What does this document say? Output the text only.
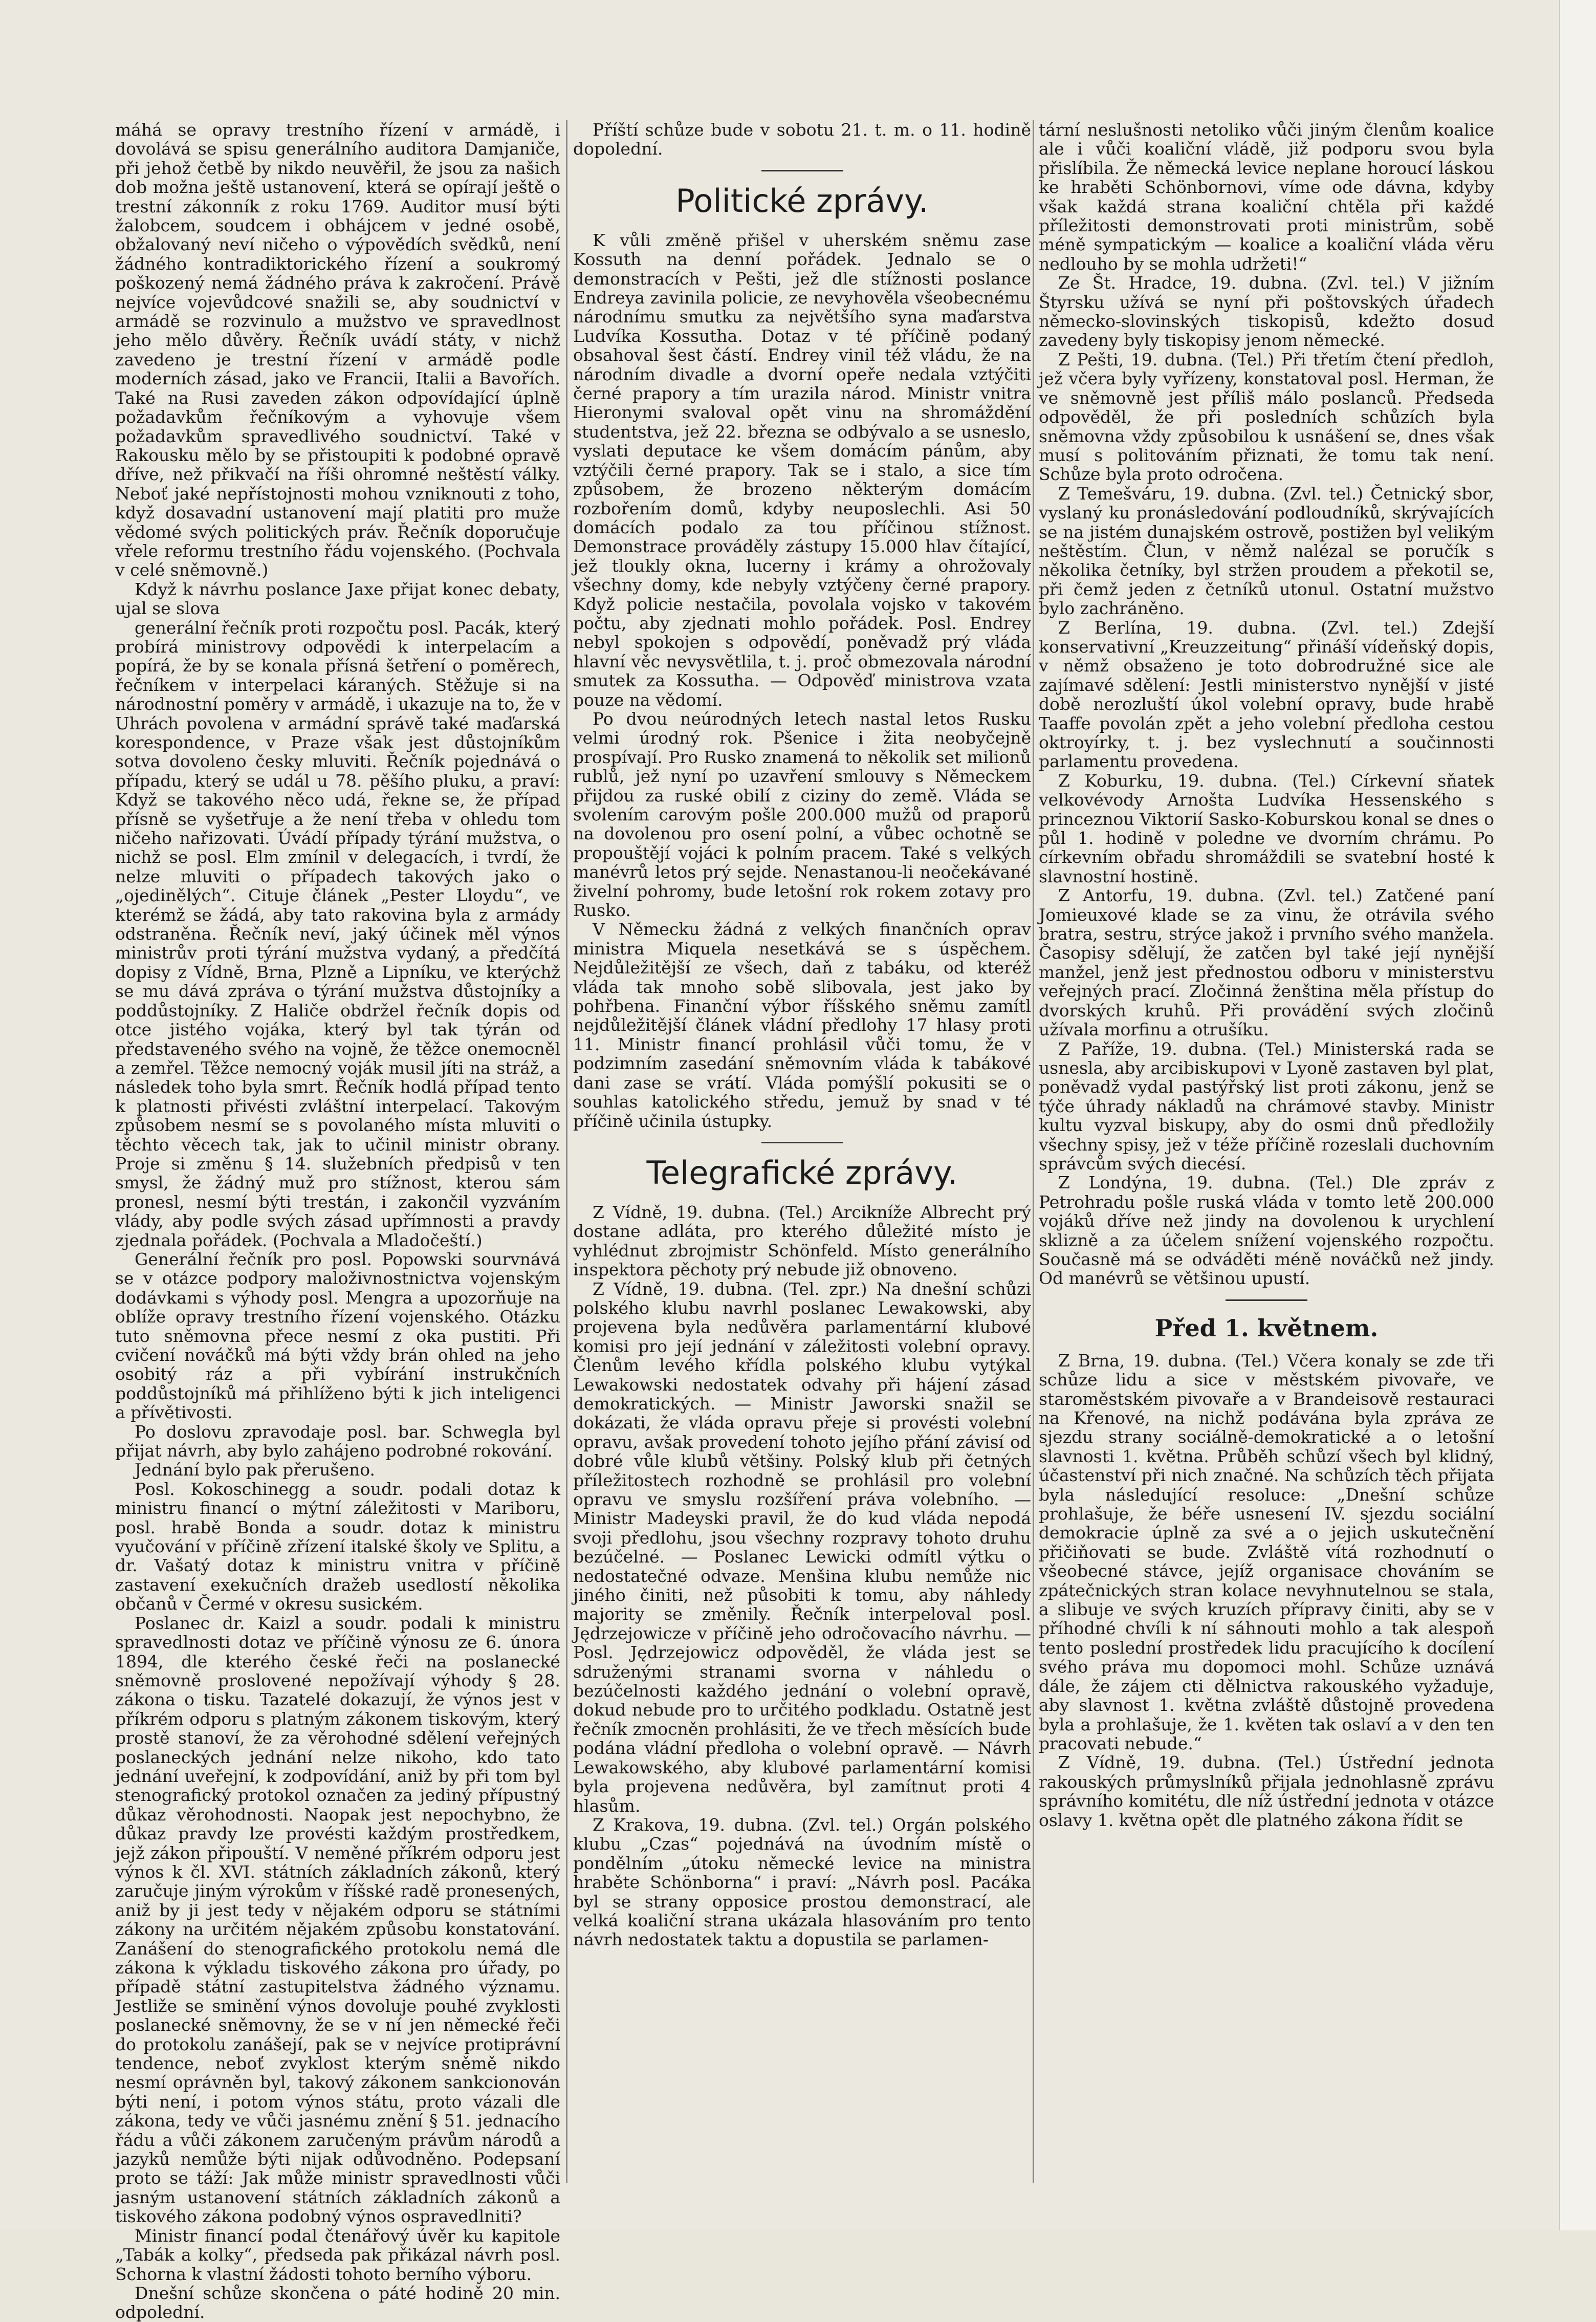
máhá se opravy trestního řízení v armádě, i dovolává se spisu generálního auditora Damjaniče, při jehož četbě by nikdo neuvěřil, že jsou za našich dob možna ještě ustanovení, která se opírají ještě o trestní zákonník z roku 1769. Auditor musí býti žalobcem, soudcem i obhájcem v jedné osobě, obžalovaný neví ničeho o výpovědích svědků, není žádného kontradiktorického řízení a soukromý poškozený nemá žádného práva k zakročení. Právě nejvíce vojevůdcové snažili se, aby soudnictví v armádě se rozvinulo a mužstvo ve spravedlnost jeho mělo důvěry. Řečník uvádí státy, v nichž zavedeno je trestní řízení v armádě podle moderních zásad, jako ve Francii, Italii a Bavořích. Také na Rusi zaveden zákon odpovídající úplně požadavkům řečníkovým a vyhovuje všem požadavkům spravedlivého soudnictví. Také v Rakousku mělo by se přistoupiti k podobné opravě dříve, než přikvačí na říši ohromné neštěstí války. Neboť jaké nepřístojnosti mohou vzniknouti z toho, když dosavadní ustanovení mají platiti pro muže vědomé svých politických práv. Řečník doporučuje vřele reformu trestního řádu vojenského. (Pochvala v celé sněmovně.)

Když k návrhu poslance Jaxe přijat konec debaty, ujal se slova

generální řečník proti rozpočtu posl. Pacák, který probírá ministrovy odpovědi k interpelacím a popírá, že by se konala přísná šetření o poměrech, řečníkem v interpelaci káraných. Stěžuje si na národnostní poměry v armádě, i ukazuje na to, že v Uhrách povolena v armádní správě také maďarská korespondence, v Praze však jest důstojníkům sotva dovoleno česky mluviti. Řečník pojednává o případu, který se udál u 78. pěšího pluku, a praví: Když se takového něco udá, řekne se, že případ přísně se vyšetřuje a že není třeba v ohledu tom ničeho nařizovati. Úvádí případy týrání mužstva, o nichž se posl. Elm zmínil v delegacích, i tvrdí, že nelze mluviti o případech takových jako o „ojedinělých“. Cituje článek „Pester Lloydu“, ve kterémž se žádá, aby tato rakovina byla z armády odstraněna. Řečník neví, jaký účinek měl výnos ministrův proti týrání mužstva vydaný, a předčítá dopisy z Vídně, Brna, Plzně a Lipníku, ve kterýchž se mu dává zpráva o týrání mužstva důstojníky a poddůstojníky. Z Haliče obdržel řečník dopis od otce jistého vojáka, který byl tak týrán od představeného svého na vojně, že těžce onemocněl a zemřel. Těžce nemocný voják musil jíti na stráž, a následek toho byla smrt. Řečník hodlá případ tento k platnosti přivésti zvláštní interpelací. Takovým způsobem nesmí se s povolaného místa mluviti o těchto věcech tak, jak to učinil ministr obrany. Proje si změnu § 14. služebních předpisů v ten smysl, že žádný muž pro stížnost, kterou sám pronesl, nesmí býti trestán, i zakončil vyzváním vlády, aby podle svých zásad upřímnosti a pravdy zjednala pořádek. (Pochvala a Mladočeští.)

Generální řečník pro posl. Popowski sourvnává se v otázce podpory maloživnostnictva vojenským dodávkami s výhody posl. Mengra a upozorňuje na oblíže opravy trestního řízení vojenského. Otázku tuto sněmovna přece nesmí z oka pustiti. Při cvičení nováčků má býti vždy brán ohled na jeho osobitý ráz a při vybírání instrukčních poddůstojníků má přihlíženo býti k jich inteligenci a přívětivosti.

Po doslovu zpravodaje posl. bar. Schwegla byl přijat návrh, aby bylo zahájeno podrobné rokování.

Jednání bylo pak přerušeno.

Posl. Kokoschinegg a soudr. podali dotaz k ministru financí o mýtní záležitosti v Mariboru, posl. hrabě Bonda a soudr. dotaz k ministru vyučování v příčině zřízení italské školy ve Splitu, a dr. Vašatý dotaz k ministru vnitra v příčině zastavení exekučních dražeb usedlostí několika občanů v Čermé v okresu susickém.

Poslanec dr. Kaizl a soudr. podali k ministru spravedlnosti dotaz ve příčině výnosu ze 6. února 1894, dle kterého české řeči na poslanecké sněmovně proslovené nepožívají výhody § 28. zákona o tisku. Tazatelé dokazují, že výnos jest v příkrém odporu s platným zákonem tiskovým, který prostě stanoví, že za věrohodné sdělení veřejných poslaneckých jednání nelze nikoho, kdo tato jednání uveřejní, k zodpovídání, aniž by při tom byl stenografický protokol označen za jediný přípustný důkaz věrohodnosti. Naopak jest nepochybno, že důkaz pravdy lze provésti každým prostředkem, jejž zákon připouští. V neměné příkrém odporu jest výnos k čl. XVI. státních základních zákonů, který zaručuje jiným výrokům v říšské radě pronesených, aniž by ji jest tedy v nějakém odporu se státními zákony na určitém nějakém způsobu konstatování. Zanášení do stenografického protokolu nemá dle zákona k výkladu tiskového zákona pro úřady, po případě státní zastupitelstva žádného významu. Jestliže se sminění výnos dovoluje pouhé zvyklosti poslanecké sněmovny, že se v ní jen německé řeči do protokolu zanášejí, pak se v nejvíce protiprávní tendence, neboť zvyklost kterým sněmě nikdo nesmí oprávněn byl, takový zákonem sankcionován býti není, i potom výnos státu, proto vázali dle zákona, tedy ve vůči jasnému znění § 51. jednacího řádu a vůči zákonem zaručeným právům národů a jazyků nemůže býti nijak odůvodněno. Podepsaní proto se táží: Jak může ministr spravedlnosti vůči jasným ustanovení státních základních zákonů a tiskového zákona podobný výnos ospravedlniti?

Ministr financí podal čtenářový úvěr ku kapitole „Tabák a kolky“, předseda pak přikázal návrh posl. Schorna k vlastní žádosti tohoto berního výboru.

Dnešní schůze skončena o páté hodině 20 min. odpolední.

Příští schůze bude v sobotu 21. t. m. o 11. hodině dopolední.

Politické zprávy.

K vůli změně přišel v uherském sněmu zase Kossuth na denní pořádek. Jednalo se o demonstracích v Pešti, jež dle stížnosti poslance Endreya zavinila policie, ze nevyhověla všeobecnému národnímu smutku za největšího syna maďarstva Ludvíka Kossutha. Dotaz v té příčině podaný obsahoval šest částí. Endrey vinil též vládu, že na národním divadle a dvorní opeře nedala vztýčiti černé prapory a tím urazila národ. Ministr vnitra Hieronymi svaloval opět vinu na shromáždění studentstva, jež 22. března se odbývalo a se usneslo, vyslati deputace ke všem domácím pánům, aby vztýčili černé prapory. Tak se i stalo, a sice tím způsobem, že brozeno některým domácím rozbořením domů, kdyby neuposlechli. Asi 50 domácích podalo za tou příčinou stížnost. Demonstrace prováděly zástupy 15.000 hlav čítající, jež tloukly okna, lucerny i krámy a ohrožovaly všechny domy, kde nebyly vztýčeny černé prapory. Když policie nestačila, povolala vojsko v takovém počtu, aby zjednati mohlo pořádek. Posl. Endrey nebyl spokojen s odpovědí, poněvadž prý vláda hlavní věc nevysvětlila, t. j. proč obmezovala národní smutek za Kossutha. — Odpověď ministrova vzata pouze na vědomí.

Po dvou neúrodných letech nastal letos Rusku velmi úrodný rok. Pšenice i žita neobyčejně prospívají. Pro Rusko znamená to několik set milionů rublů, jež nyní po uzavření smlouvy s Německem přijdou za ruské obilí z ciziny do země. Vláda se svolením carovým pošle 200.000 mužů od praporů na dovolenou pro osení polní, a vůbec ochotně se propouštějí vojáci k polním pracem. Také s velkých manévrů letos prý sejde. Nenastanou-li neočekávané živelní pohromy, bude letošní rok rokem zotavy pro Rusko.

V Německu žádná z velkých finančních oprav ministra Miquela nesetkává se s úspěchem. Nejdůležitější ze všech, daň z tabáku, od kteréž vláda tak mnoho sobě slibovala, jest jako by pohřbena. Finanční výbor říšského sněmu zamítl nejdůležitější článek vládní předlohy 17 hlasy proti 11. Ministr financí prohlásil vůči tomu, že v podzimním zasedání sněmovním vláda k tabákové dani zase se vrátí. Vláda pomýšlí pokusiti se o souhlas katolického středu, jemuž by snad v té příčině učinila ústupky.

Telegrafické zprávy.

Z Vídně, 19. dubna. (Tel.) Arcikníže Albrecht prý dostane adláta, pro kterého důležité místo je vyhlédnut zbrojmistr Schönfeld. Místo generálního inspektora pěchoty prý nebude již obnoveno.

Z Vídně, 19. dubna. (Tel. zpr.) Na dnešní schůzi polského klubu navrhl poslanec Lewakowski, aby projevena byla nedůvěra parlamentární klubové komisi pro její jednání v záležitosti volební opravy. Členům levého křídla polského klubu vytýkal Lewakowski nedostatek odvahy při hájení zásad demokratických. — Ministr Jaworski snažil se dokázati, že vláda opravu přeje si provésti volební opravu, avšak provedení tohoto jejího přání závisí od dobré vůle klubů většiny. Polský klub při četných příležitostech rozhodně se prohlásil pro volební opravu ve smyslu rozšíření práva volebního. — Ministr Madeyski pravil, že do kud vláda nepodá svoji předlohu, jsou všechny rozpravy tohoto druhu bezúčelné. — Poslanec Lewicki odmítl výtku o nedostatečné odvaze. Menšina klubu nemůže nic jiného činiti, než působiti k tomu, aby náhledy majority se změnily. Řečník interpeloval posl. Jędrzejowicze v příčině jeho odročovacího návrhu. — Posl. Jędrzejowicz odpověděl, že vláda jest se sdruženými stranami svorna v náhledu o bezúčelnosti každého jednání o volební opravě, dokud nebude pro to určitého podkladu. Ostatně jest řečník zmocněn prohlásiti, že ve třech měsících bude podána vládní předloha o volební opravě. — Návrh Lewakowského, aby klubové parlamentární komisi byla projevena nedůvěra, byl zamítnut proti 4 hlasům.

Z Krakova, 19. dubna. (Zvl. tel.) Orgán polského klubu „Czas“ pojednává na úvodním místě o pondělním „útoku německé levice na ministra hraběte Schönborna“ i praví: „Návrh posl. Pacáka byl se strany opposice prostou demonstrací, ale velká koaliční strana ukázala hlasováním pro tento návrh nedostatek taktu a dopustila se parlamen-

tární neslušnosti netoliko vůči jiným členům koalice ale i vůči koaliční vládě, již podporu svou byla přislíbila. Že německá levice neplane horoucí láskou ke hraběti Schönbornovi, víme ode dávna, kdyby však každá strana koaliční chtěla při každé příležitosti demonstrovati proti ministrům, sobě méně sympatickým — koalice a koaliční vláda věru nedlouho by se mohla udržeti!“

Ze Št. Hradce, 19. dubna. (Zvl. tel.) V jižním Štyrsku užívá se nyní při poštovských úřadech německo-slovinských tiskopisů, kdežto dosud zavedeny byly tiskopisy jenom německé.

Z Pešti, 19. dubna. (Tel.) Při třetím čtení předloh, jež včera byly vyřízeny, konstatoval posl. Herman, že ve sněmovně jest příliš málo poslanců. Předseda odpověděl, že při posledních schůzích byla sněmovna vždy způsobilou k usnášení se, dnes však musí s politováním přiznati, že tomu tak není. Schůze byla proto odročena.

Z Temešváru, 19. dubna. (Zvl. tel.) Četnický sbor, vyslaný ku pronásledování podloudníků, skrývajících se na jistém dunajském ostrově, postižen byl velikým neštěstím. Člun, v němž nalézal se poručík s několika četníky, byl stržen proudem a překotil se, při čemž jeden z četníků utonul. Ostatní mužstvo bylo zachráněno.

Z Berlína, 19. dubna. (Zvl. tel.) Zdejší konservativní „Kreuzzeitung“ přináší vídeňský dopis, v němž obsaženo je toto dobrodružné sice ale zajímavé sdělení: Jestli ministerstvo nynější v jisté době nerozluští úkol volební opravy, bude hrabě Taaffe povolán zpět a jeho volební předloha cestou oktroyírky, t. j. bez vyslechnutí a součinnosti parlamentu provedena.

Z Koburku, 19. dubna. (Tel.) Církevní sňatek velkovévody Arnošta Ludvíka Hessenského s princeznou Viktorií Sasko-Koburskou konal se dnes o půl 1. hodině v poledne ve dvorním chrámu. Po církevním obřadu shromáždili se svatební hosté k slavnostní hostině.

Z Antorfu, 19. dubna. (Zvl. tel.) Zatčené paní Jomieuxové klade se za vinu, že otrávila svého bratra, sestru, strýce jakož i prvního svého manžela. Časopisy sdělují, že zatčen byl také její nynější manžel, jenž jest přednostou odboru v ministerstvu veřejných prací. Zločinná ženština měla přístup do dvorských kruhů. Při provádění svých zločinů užívala morfinu a otrušíku.

Z Paříže, 19. dubna. (Tel.) Ministerská rada se usnesla, aby arcibiskupovi v Lyoně zastaven byl plat, poněvadž vydal pastýřský list proti zákonu, jenž se týče úhrady nákladů na chrámové stavby. Ministr kultu vyzval biskupy, aby do osmi dnů předložily všechny spisy, jež v téže příčině rozeslali duchovním správcům svých diecésí.

Z Londýna, 19. dubna. (Tel.) Dle zpráv z Petrohradu pošle ruská vláda v tomto letě 200.000 vojáků dříve než jindy na dovolenou k urychlení sklizně a za účelem snížení vojenského rozpočtu. Současně má se odváděti méně nováčků než jindy. Od manévrů se většinou upustí.

Před 1. květnem.

Z Brna, 19. dubna. (Tel.) Včera konaly se zde tři schůze lidu a sice v městském pivovaře, ve staroměstském pivovaře a v Brandeisově restauraci na Křenové, na nichž podávána byla zpráva ze sjezdu strany sociálně-demokratické a o letošní slavnosti 1. května. Průběh schůzí všech byl klidný, účastenství při nich značné. Na schůzích těch přijata byla následující resoluce: „Dnešní schůze prohlašuje, že béře usnesení IV. sjezdu sociální demokracie úplně za své a o jejich uskutečnění přičiňovati se bude. Zvláště vítá rozhodnutí o všeobecné stávce, jejíž organisace chováním se zpátečnických stran kolace nevyhnutelnou se stala, a slibuje ve svých kruzích přípravy činiti, aby se v příhodné chvíli k ní sáhnouti mohlo a tak alespoň tento poslední prostředek lidu pracujícího k docílení svého práva mu dopomoci mohl. Schůze uznává dále, že zájem cti dělnictva rakouského vyžaduje, aby slavnost 1. května zvláště důstojně provedena byla a prohlašuje, že 1. květen tak oslaví a v den ten pracovati nebude.“

Z Vídně, 19. dubna. (Tel.) Ústřední jednota rakouských průmyslníků přijala jednohlasně zprávu správního komitétu, dle níž ústřední jednota v otázce oslavy 1. května opět dle platného zákona řídit se
